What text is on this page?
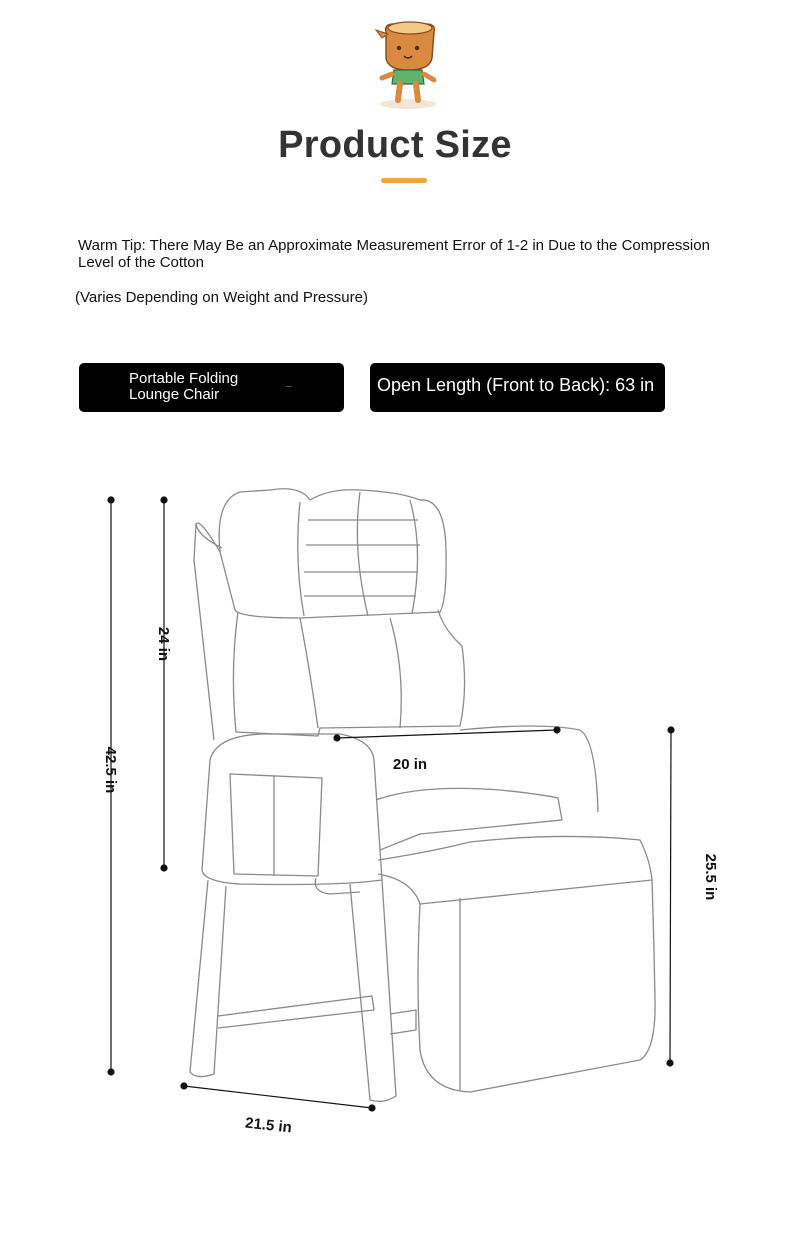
Product Size
Warm Tip: There May Be an Approximate Measurement Error of 1-2 in Due to the Compression Level of the Cotton
(Varies Depending on Weight and Pressure)
Portable Folding Lounge Chair	Open Length (Front to Back): 63 in
42.5 in
24 in
20 in
25.5 in
21.5 in
